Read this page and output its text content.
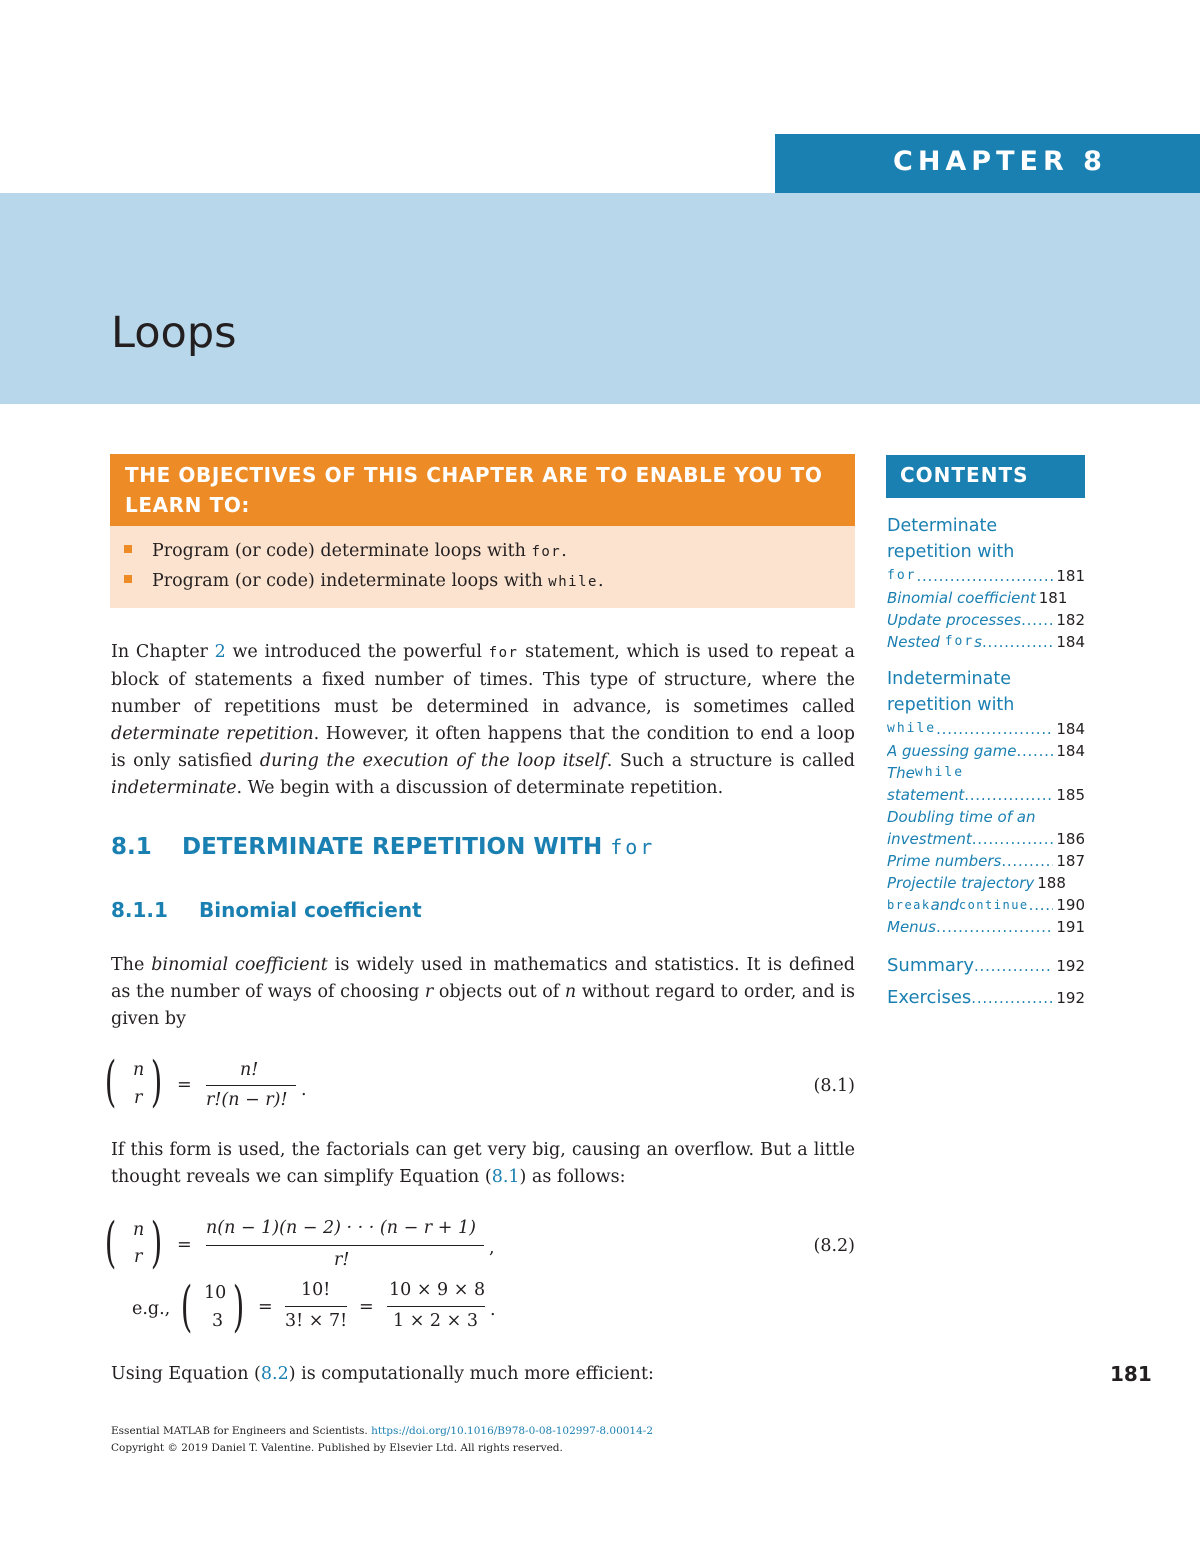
CHAPTER 8
Loops
THE OBJECTIVES OF THIS CHAPTER ARE TO ENABLE YOU TO
LEARN TO:
Program (or code) determinate loops with for.
Program (or code) indeterminate loops with while.

In Chapter 2 we introduced the powerful for statement, which is used to repeat a block of statements a fixed number of times. This type of structure, where the number of repetitions must be determined in advance, is sometimes called determinate repetition. However, it often happens that the condition to end a loop is only satisfied during the execution of the loop itself. Such a structure is called indeterminate. We begin with a discussion of determinate repetition.

8.1 DETERMINATE REPETITION WITH for
8.1.1 Binomial coefficient

The binomial coefficient is widely used in mathematics and statistics. It is defined as the number of ways of choosing r objects out of n without regard to order, and is given by

( n
r ) =
n!
r!(n − r)! .	(8.1)

If this form is used, the factorials can get very big, causing an overflow. But a little thought reveals we can simplify Equation (8.1) as follows:

( n
r ) =
n(n − 1)(n − 2) · · · (n − r + 1)
r!
,	(8.2)
e.g., ( 10
3 ) =
10!
3! × 7!
=
10 × 9 × 8
1 × 2 × 3
.

Using Equation (8.2) is computationally much more efficient:

CONTENTS
Determinate
repetition with
for . . .	181
Binomial coefficient 181
Update processes . . . 182
Nested
for s . . .	184
Indeterminate
repetition with
while . . .	184
A guessing game . . .	184
The while
statement . . .	185
Doubling time of an
investment . . .	186
Prime numbers . . .	187
Projectile trajectory 188
break and continue . . . 190
Menus . . .	191
Summary . . .	192
Exercises . . .	192
181
Essential MATLAB for Engineers and Scientists. https://doi.org/10.1016/B978-0-08-102997-8.00014-2
Copyright © 2019 Daniel T. Valentine. Published by Elsevier Ltd. All rights reserved.
